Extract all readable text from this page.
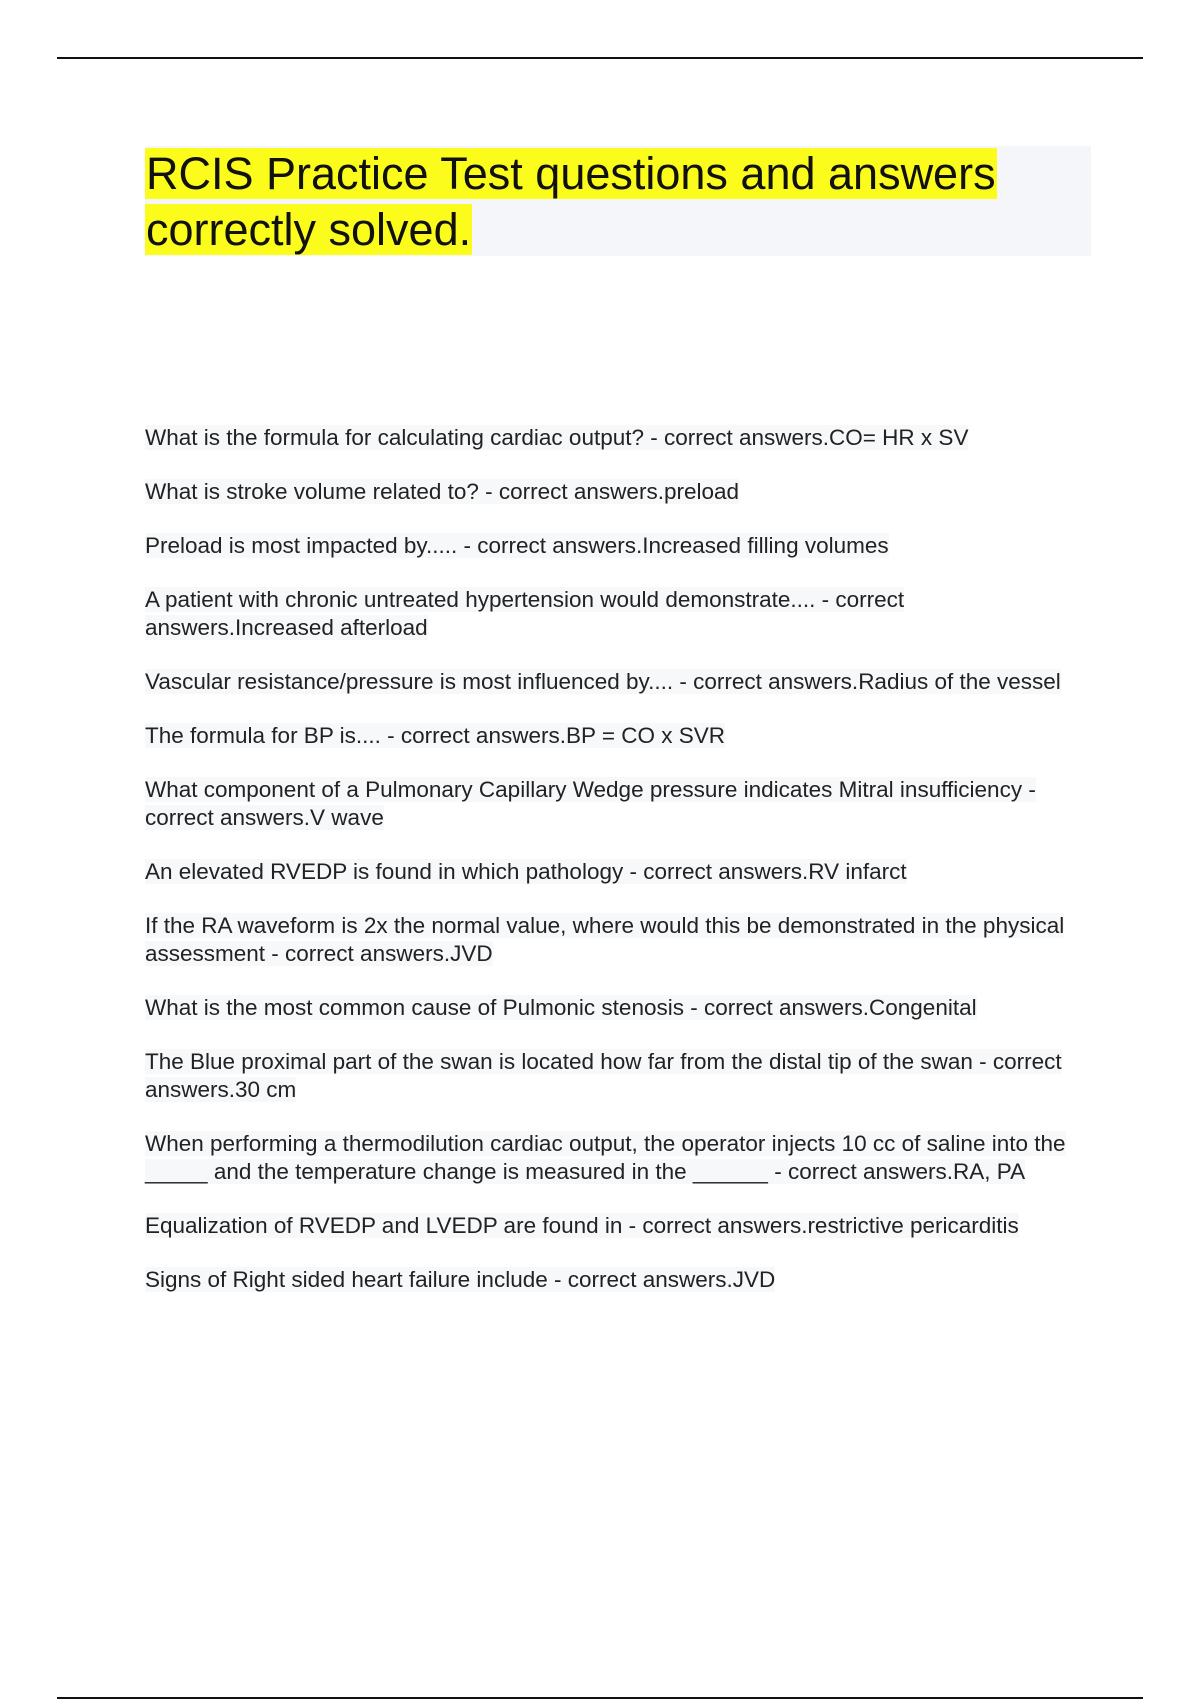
RCIS Practice Test questions and answers correctly solved.
What is the formula for calculating cardiac output? - correct answers.CO= HR x SV
What is stroke volume related to? - correct answers.preload
Preload is most impacted by..... - correct answers.Increased filling volumes
A patient with chronic untreated hypertension would demonstrate.... - correct answers.Increased afterload
Vascular resistance/pressure is most influenced by.... - correct answers.Radius of the vessel
The formula for BP is.... - correct answers.BP = CO x SVR
What component of a Pulmonary Capillary Wedge pressure indicates Mitral insufficiency - correct answers.V wave
An elevated RVEDP is found in which pathology - correct answers.RV infarct
If the RA waveform is 2x the normal value, where would this be demonstrated in the physical assessment - correct answers.JVD
What is the most common cause of Pulmonic stenosis - correct answers.Congenital
The Blue proximal part of the swan is located how far from the distal tip of the swan - correct answers.30 cm
When performing a thermodilution cardiac output, the operator injects 10 cc of saline into the _____ and the temperature change is measured in the ______ - correct answers.RA, PA
Equalization of RVEDP and LVEDP are found in - correct answers.restrictive pericarditis
Signs of Right sided heart failure include - correct answers.JVD
